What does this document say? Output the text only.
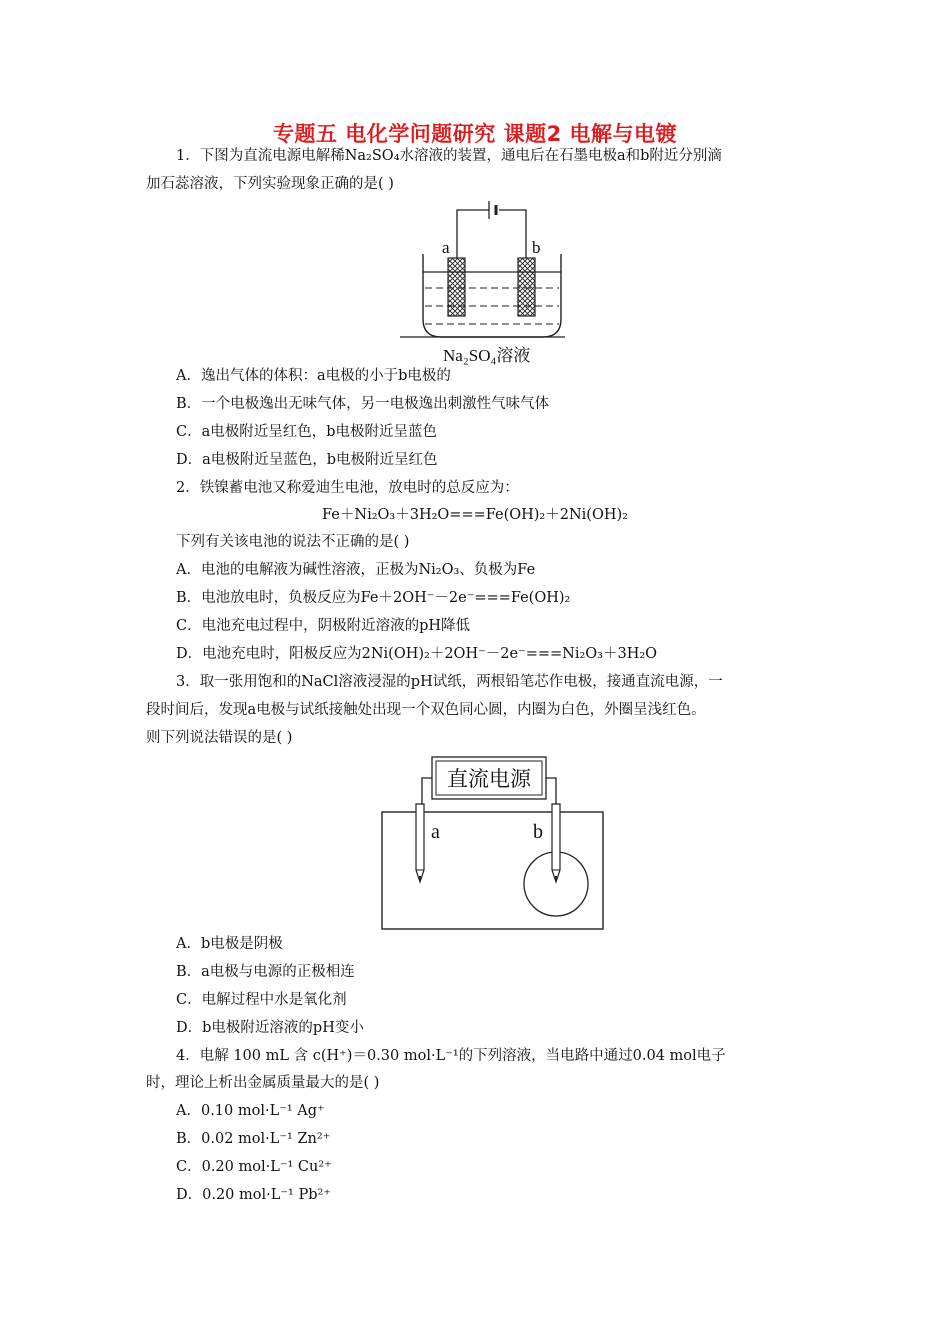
专题五 电化学问题研究 课题2 电解与电镀
1．下图为直流电源电解稀Na₂SO₄水溶液的装置，通电后在石墨电极a和b附近分别滴
加石蕊溶液，下列实验现象正确的是( )
a	b
Na₂SO₄溶液
A．逸出气体的体积：a电极的小于b电极的
B．一个电极逸出无味气体，另一电极逸出刺激性气味气体
C．a电极附近呈红色，b电极附近呈蓝色
D．a电极附近呈蓝色，b电极附近呈红色
2．铁镍蓄电池又称爱迪生电池，放电时的总反应为：
Fe＋Ni₂O₃＋3H₂O===Fe(OH)₂＋2Ni(OH)₂
下列有关该电池的说法不正确的是( )
A．电池的电解液为碱性溶液，正极为Ni₂O₃、负极为Fe
B．电池放电时，负极反应为Fe＋2OH⁻－2e⁻===Fe(OH)₂
C．电池充电过程中，阴极附近溶液的pH降低
D．电池充电时，阳极反应为2Ni(OH)₂＋2OH⁻－2e⁻===Ni₂O₃＋3H₂O
3．取一张用饱和的NaCl溶液浸湿的pH试纸，两根铅笔芯作电极，接通直流电源，一
段时间后，发现a电极与试纸接触处出现一个双色同心圆，内圈为白色，外圈呈浅红色。
则下列说法错误的是( )
直流电源
a	b
A．b电极是阴极
B．a电极与电源的正极相连
C．电解过程中水是氧化剂
D．b电极附近溶液的pH变小
4．电解 100 mL 含 c(H⁺)＝0.30 mol·L⁻¹的下列溶液，当电路中通过0.04 mol电子
时，理论上析出金属质量最大的是( )
A．0.10 mol·L⁻¹ Ag⁺
B．0.02 mol·L⁻¹ Zn²⁺
C．0.20 mol·L⁻¹ Cu²⁺
D．0.20 mol·L⁻¹ Pb²⁺
